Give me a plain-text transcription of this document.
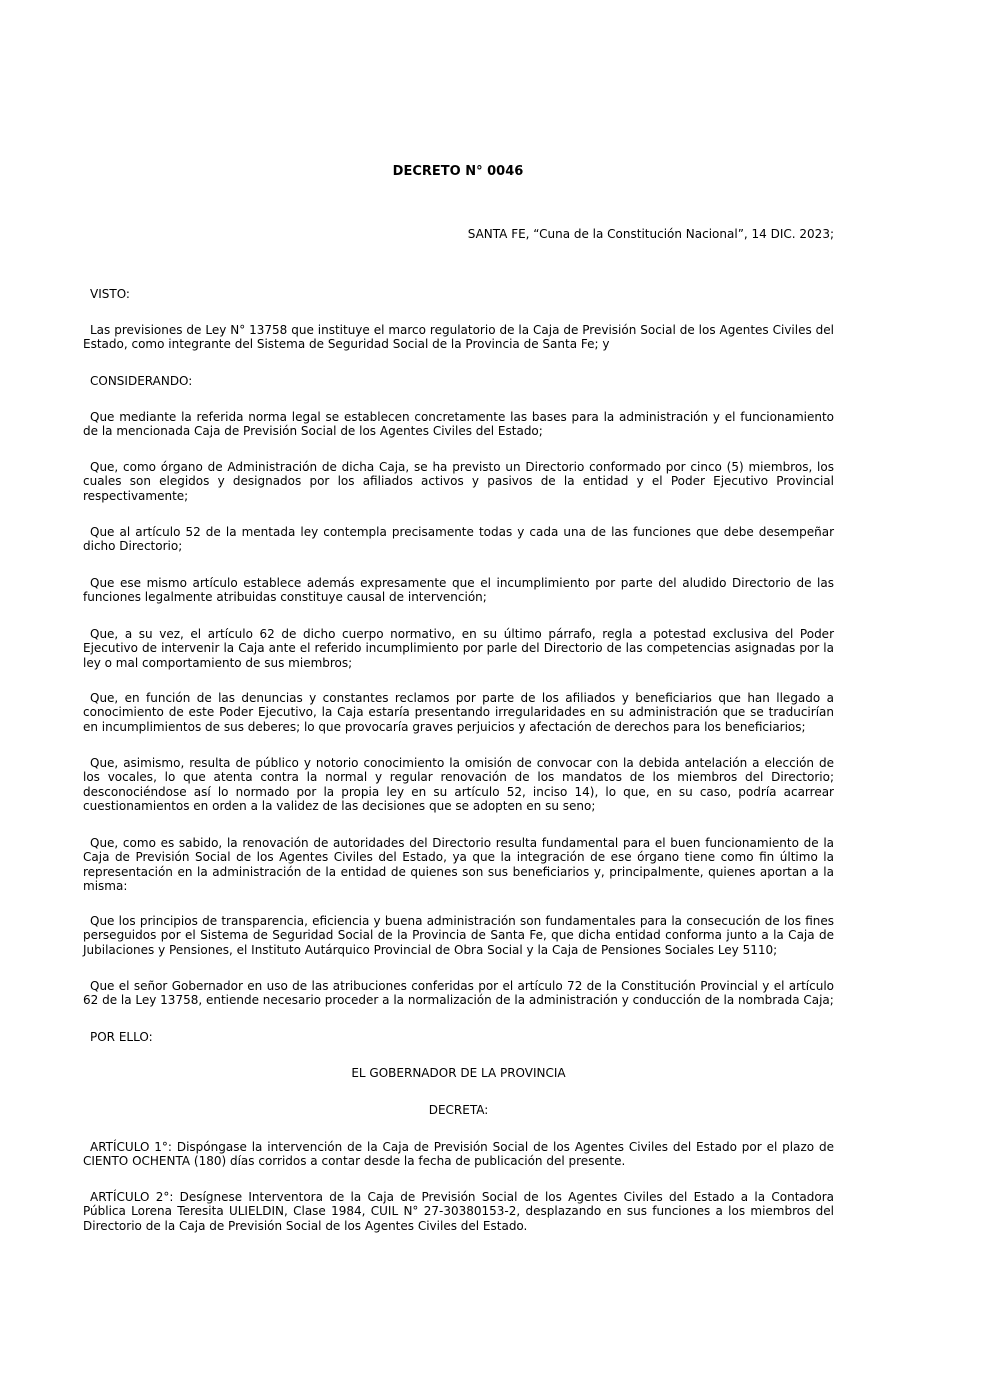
DECRETO N° 0046
SANTA FE, “Cuna de la Constitución Nacional”, 14 DIC. 2023;

VISTO:

Las previsiones de Ley N° 13758 que instituye el marco regulatorio de la Caja de Previsión Social de los Agentes Civiles del Estado, como integrante del Sistema de Seguridad Social de la Provincia de Santa Fe; y

CONSIDERANDO:

Que mediante la referida norma legal se establecen concretamente las bases para la administración y el funcionamiento de la mencionada Caja de Previsión Social de los Agentes Civiles del Estado;

Que, como órgano de Administración de dicha Caja, se ha previsto un Directorio conformado por cinco (5) miembros, los cuales son elegidos y designados por los afiliados activos y pasivos de la entidad y el Poder Ejecutivo Provincial respectivamente;

Que al artículo 52 de la mentada ley contempla precisamente todas y cada una de las funciones que debe desempeñar dicho Directorio;

Que ese mismo artículo establece además expresamente que el incumplimiento por parte del aludido Directorio de las funciones legalmente atribuidas constituye causal de intervención;

Que, a su vez, el artículo 62 de dicho cuerpo normativo, en su último párrafo, regla a potestad exclusiva del Poder Ejecutivo de intervenir la Caja ante el referido incumplimiento por parle del Directorio de las competencias asignadas por la ley o mal comportamiento de sus miembros;

Que, en función de las denuncias y constantes reclamos por parte de los afiliados y beneficiarios que han llegado a conocimiento de este Poder Ejecutivo, la Caja estaría presentando irregularidades en su administración que se traducirían en incumplimientos de sus deberes; lo que provocaría graves perjuicios y afectación de derechos para los beneficiarios;

Que, asimismo, resulta de público y notorio conocimiento la omisión de convocar con la debida antelación a elección de los vocales, lo que atenta contra la normal y regular renovación de los mandatos de los miembros del Directorio; desconociéndose así lo normado por la propia ley en su artículo 52, inciso 14), lo que, en su caso, podría acarrear cuestionamientos en orden a la validez de las decisiones que se adopten en su seno;

Que, como es sabido, la renovación de autoridades del Directorio resulta fundamental para el buen funcionamiento de la Caja de Previsión Social de los Agentes Civiles del Estado, ya que la integración de ese órgano tiene como fin último la representación en la administración de la entidad de quienes son sus beneficiarios y, principalmente, quienes aportan a la misma:

Que los principios de transparencia, eficiencia y buena administración son fundamentales para la consecución de los fines perseguidos por el Sistema de Seguridad Social de la Provincia de Santa Fe, que dicha entidad conforma junto a la Caja de Jubilaciones y Pensiones, el Instituto Autárquico Provincial de Obra Social y la Caja de Pensiones Sociales Ley 5110;

Que el señor Gobernador en uso de las atribuciones conferidas por el artículo 72 de la Constitución Provincial y el artículo 62 de la Ley 13758, entiende necesario proceder a la normalización de la administración y conducción de la nombrada Caja;

POR ELLO:

EL GOBERNADOR DE LA PROVINCIA
DECRETA:

ARTÍCULO 1°: Dispóngase la intervención de la Caja de Previsión Social de los Agentes Civiles del Estado por el plazo de CIENTO OCHENTA (180) días corridos a contar desde la fecha de publicación del presente.

ARTÍCULO 2°: Desígnese Interventora de la Caja de Previsión Social de los Agentes Civiles del Estado a la Contadora Pública Lorena Teresita ULIELDIN, Clase 1984, CUIL N° 27-30380153-2, desplazando en sus funciones a los miembros del Directorio de la Caja de Previsión Social de los Agentes Civiles del Estado.
